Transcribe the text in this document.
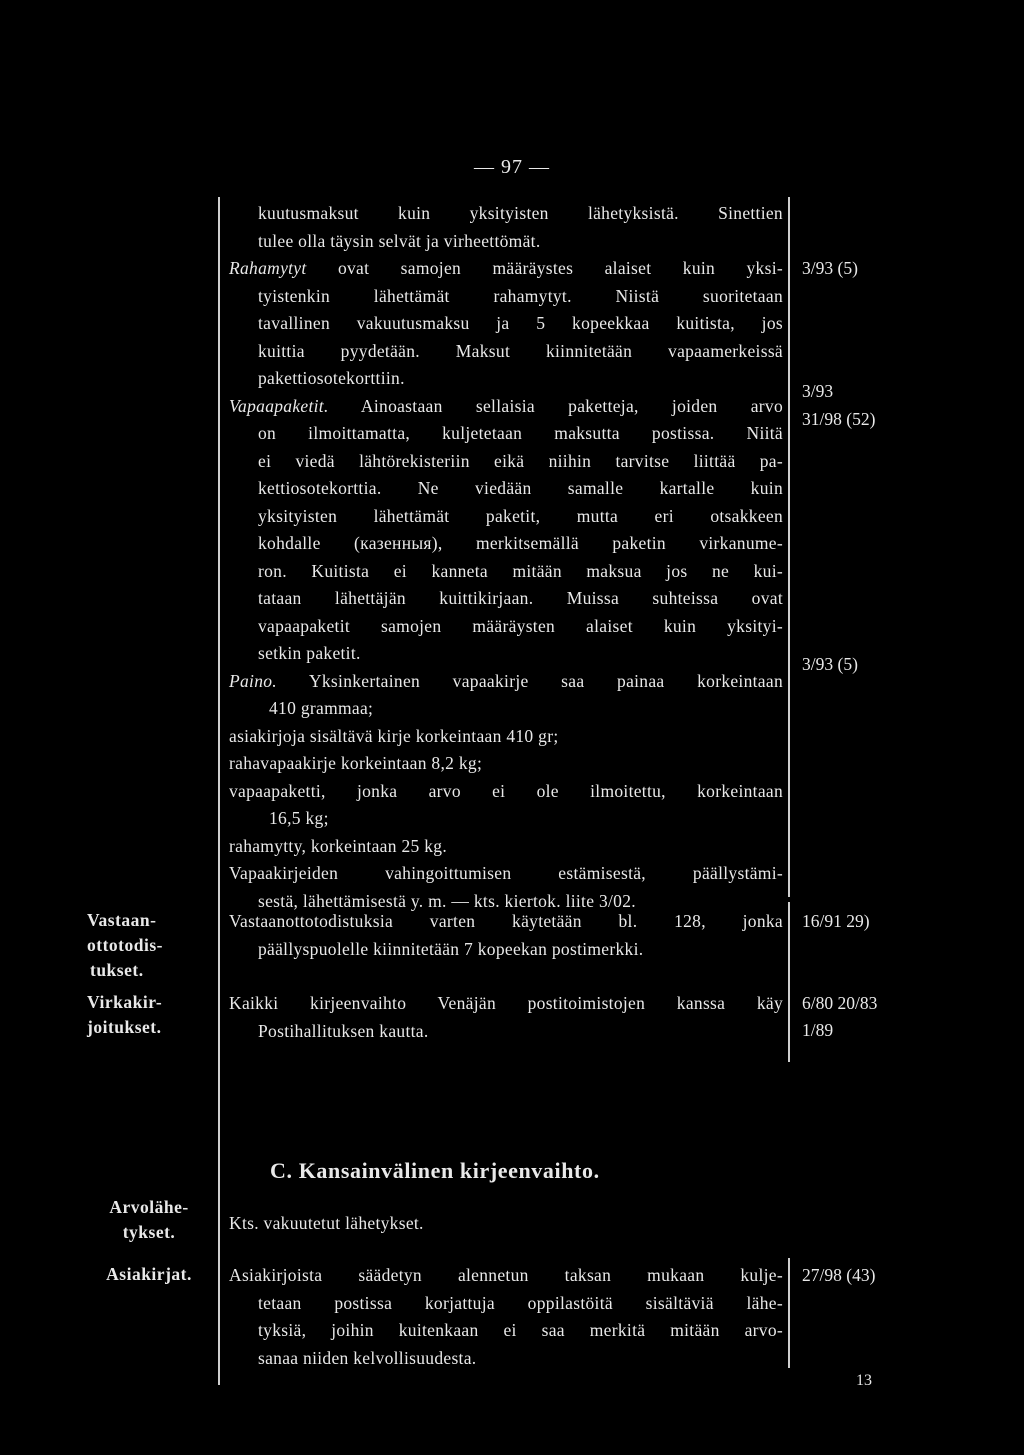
— 97 —

kuutusmaksut kuin yksityisten lähetyksistä. Sinettien

tulee olla täysin selvät ja virheettömät.

Rahamytyt ovat samojen määräystes alaiset kuin yksi-

tyistenkin lähettämät rahamytyt. Niistä suoritetaan

tavallinen vakuutusmaksu ja 5 kopeekkaa kuitista, jos

kuittia pyydetään. Maksut kiinnitetään vapaamerkeissä

pakettiosotekorttiin.

Vapaapaketit. Ainoastaan sellaisia paketteja, joiden arvo

on ilmoittamatta, kuljetetaan maksutta postissa. Niitä

ei viedä lähtörekisteriin eikä niihin tarvitse liittää pa-

kettiosotekorttia. Ne viedään samalle kartalle kuin

yksityisten lähettämät paketit, mutta eri otsakkeen

kohdalle (казенныя), merkitsemällä paketin virkanume-

ron. Kuitista ei kanneta mitään maksua jos ne kui-

tataan lähettäjän kuittikirjaan. Muissa suhteissa ovat

vapaapaketit samojen määräysten alaiset kuin yksityi-

setkin paketit.

Paino. Yksinkertainen vapaakirje saa painaa korkeintaan

410 grammaa;

asiakirjoja sisältävä kirje korkeintaan 410 gr;

rahavapaakirje korkeintaan 8,2 kg;

vapaapaketti, jonka arvo ei ole ilmoitettu, korkeintaan

16,5 kg;

rahamytty, korkeintaan 25 kg.

Vapaakirjeiden vahingoittumisen estämisestä, päällystämi-

sestä, lähettämisestä y. m. — kts. kiertok. liite 3/02.

3/93 (5)
3/93
31/98 (52)
3/93 (5)
16/91 29)
6/80 20/83
1/89
27/98 (43)
Vastaan-
ottotodis-
tukset.
Virkakir-
joitukset.
Arvolähe-
tykset.
Asiakirjat.

Vastaanottotodistuksia varten käytetään bl. 128, jonka

päällyspuolelle kiinnitetään 7 kopeekan postimerkki.

Kaikki kirjeenvaihto Venäjän postitoimistojen kanssa käy

Postihallituksen kautta.

C. Kansainvälinen kirjeenvaihto.

Kts. vakuutetut lähetykset.

Asiakirjoista säädetyn alennetun taksan mukaan kulje-

tetaan postissa korjattuja oppilastöitä sisältäviä lähe-

tyksiä, joihin kuitenkaan ei saa merkitä mitään arvo-

sanaa niiden kelvollisuudesta.

13
